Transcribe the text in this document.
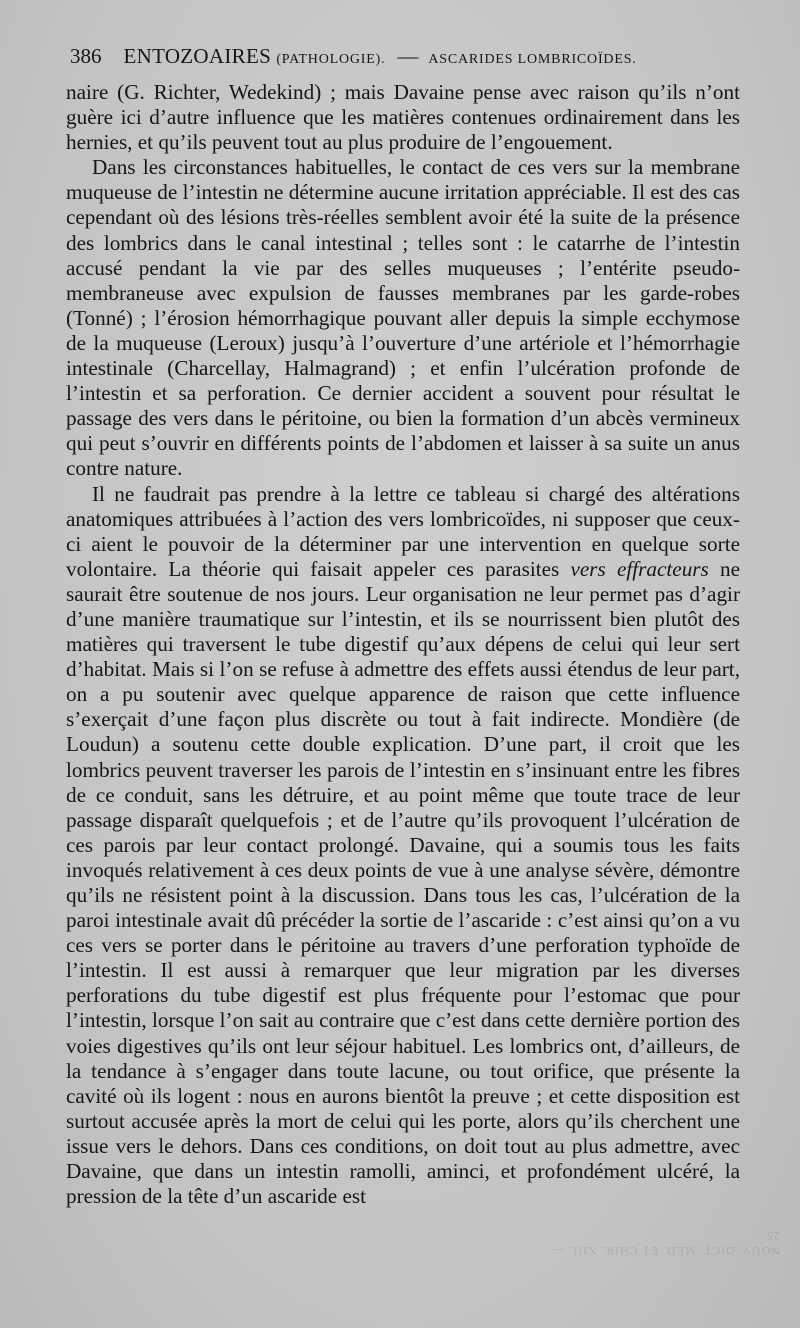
386 ENTOZOAIRES (PATHOLOGIE). — ASCARIDES LOMBRICOÏDES.

naire (G. Richter, Wedekind) ; mais Davaine pense avec raison qu’ils n’ont guère ici d’autre influence que les matières contenues ordinairement dans les hernies, et qu’ils peuvent tout au plus produire de l’engouement.

Dans les circonstances habituelles, le contact de ces vers sur la membrane muqueuse de l’intestin ne détermine aucune irritation appréciable. Il est des cas cependant où des lésions très-réelles semblent avoir été la suite de la présence des lombrics dans le canal intestinal ; telles sont : le catarrhe de l’intestin accusé pendant la vie par des selles muqueuses ; l’entérite pseudo-membraneuse avec expulsion de fausses membranes par les garde-robes (Tonné) ; l’érosion hémorrhagique pouvant aller depuis la simple ecchymose de la muqueuse (Leroux) jusqu’à l’ouverture d’une artériole et l’hémorrhagie intestinale (Charcellay, Halmagrand) ; et enfin l’ulcération profonde de l’intestin et sa perforation. Ce dernier accident a souvent pour résultat le passage des vers dans le péritoine, ou bien la formation d’un abcès vermineux qui peut s’ouvrir en différents points de l’abdomen et laisser à sa suite un anus contre nature.

Il ne faudrait pas prendre à la lettre ce tableau si chargé des altérations anatomiques attribuées à l’action des vers lombricoïdes, ni supposer que ceux-ci aient le pouvoir de la déterminer par une intervention en quelque sorte volontaire. La théorie qui faisait appeler ces parasites vers effracteurs ne saurait être soutenue de nos jours. Leur organisation ne leur permet pas d’agir d’une manière traumatique sur l’intestin, et ils se nourrissent bien plutôt des matières qui traversent le tube digestif qu’aux dépens de celui qui leur sert d’habitat. Mais si l’on se refuse à admettre des effets aussi étendus de leur part, on a pu soutenir avec quelque apparence de raison que cette influence s’exerçait d’une façon plus discrète ou tout à fait indirecte. Mondière (de Loudun) a soutenu cette double explication. D’une part, il croit que les lombrics peuvent traverser les parois de l’intestin en s’insinuant entre les fibres de ce conduit, sans les détruire, et au point même que toute trace de leur passage disparaît quelquefois ; et de l’autre qu’ils provoquent l’ulcération de ces parois par leur contact prolongé. Davaine, qui a soumis tous les faits invoqués relativement à ces deux points de vue à une analyse sévère, démontre qu’ils ne résistent point à la discussion. Dans tous les cas, l’ulcération de la paroi intestinale avait dû précéder la sortie de l’ascaride : c’est ainsi qu’on a vu ces vers se porter dans le péritoine au travers d’une perforation typhoïde de l’intestin. Il est aussi à remarquer que leur migration par les diverses perforations du tube digestif est plus fréquente pour l’estomac que pour l’intestin, lorsque l’on sait au contraire que c’est dans cette dernière portion des voies digestives qu’ils ont leur séjour habituel. Les lombrics ont, d’ailleurs, de la tendance à s’engager dans toute lacune, ou tout orifice, que présente la cavité où ils logent : nous en aurons bientôt la preuve ; et cette disposition est surtout accusée après la mort de celui qui les porte, alors qu’ils cherchent une issue vers le dehors. Dans ces conditions, on doit tout au plus admettre, avec Davaine, que dans un intestin ramolli, aminci, et profondément ulcéré, la pression de la tête d’un ascaride est

NOUV. DICT. MÉD. ET CHIR. XIII. — 25
